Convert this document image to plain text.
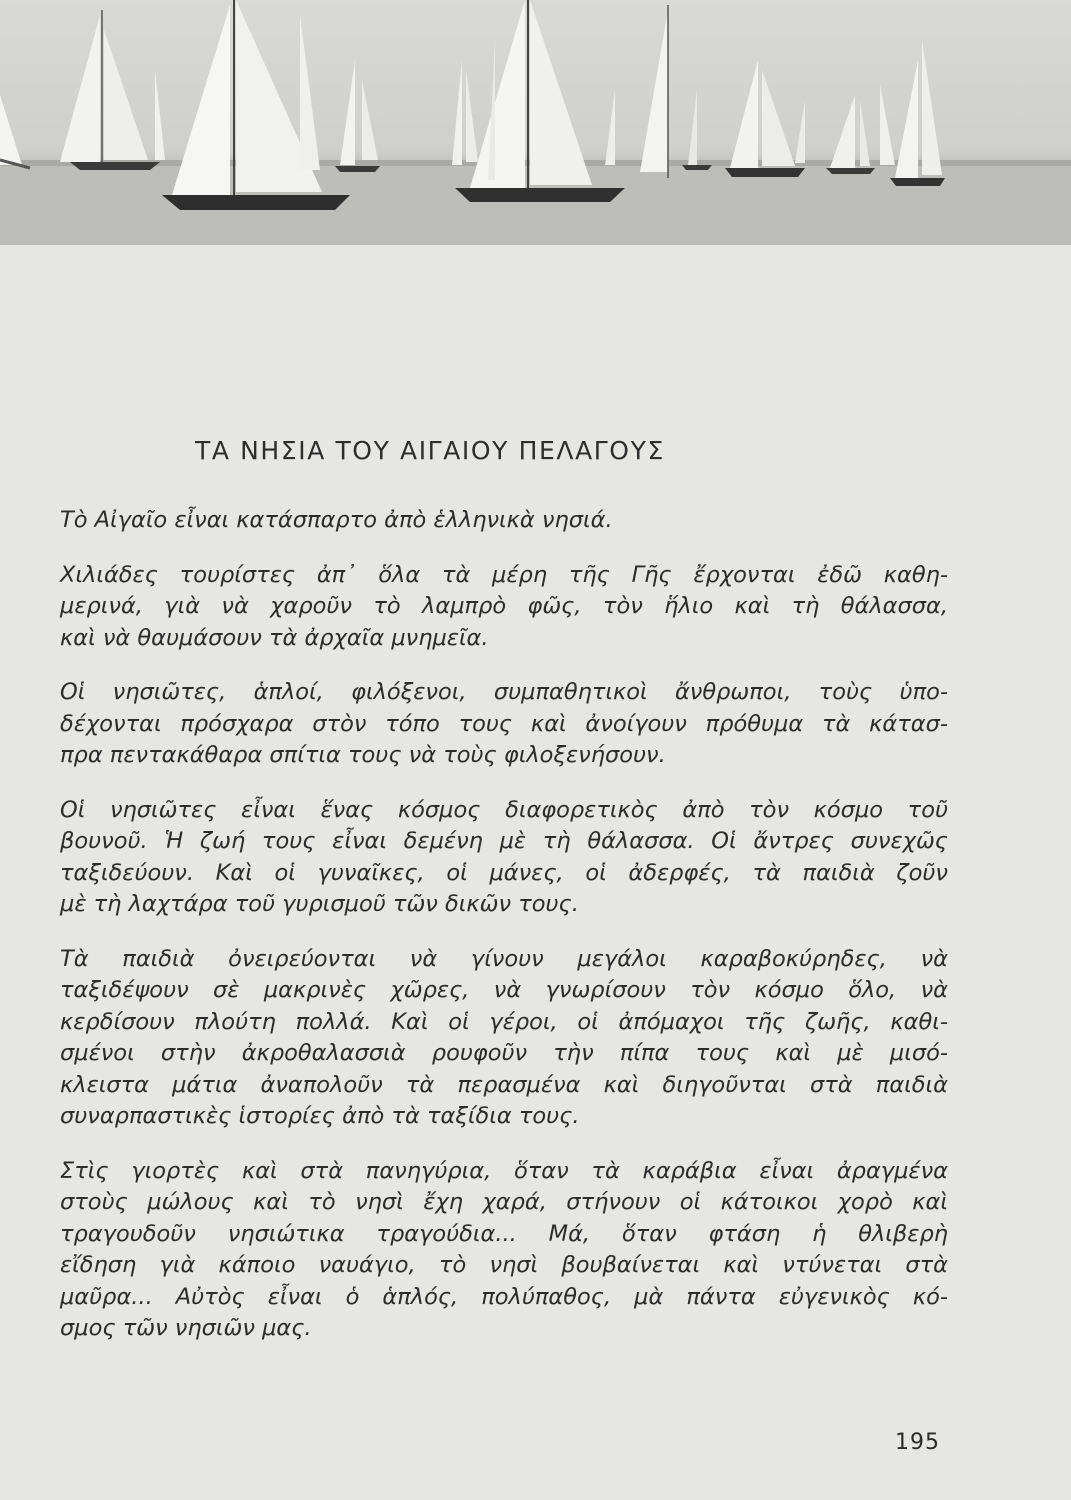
ΤΑ ΝΗΣΙΑ ΤΟΥ ΑΙΓΑΙΟΥ ΠΕΛΑΓΟΥΣ

Τὸ Αἰγαῖο εἶναι κατάσπαρτο ἀπὸ ἑλληνικὰ νησιά.

Χιλιάδες τουρίστες ἀπ᾿ ὅλα τὰ μέρη τῆς Γῆς ἔρχονται ἐδῶ καθη-
μερινά, γιὰ νὰ χαροῦν τὸ λαμπρὸ φῶς, τὸν ἥλιο καὶ τὴ θάλασσα,
καὶ νὰ θαυμάσουν τὰ ἀρχαῖα μνημεῖα.

Οἱ νησιῶτες, ἁπλοί, φιλόξενοι, συμπαθητικοὶ ἄνθρωποι, τοὺς ὑπο-
δέχονται πρόσχαρα στὸν τόπο τους καὶ ἀνοίγουν πρόθυμα τὰ κάτασ-
πρα πεντακάθαρα σπίτια τους νὰ τοὺς φιλοξενήσουν.

Οἱ νησιῶτες εἶναι ἕνας κόσμος διαφορετικὸς ἀπὸ τὸν κόσμο τοῦ
βουνοῦ. Ἡ ζωή τους εἶναι δεμένη μὲ τὴ θάλασσα. Οἱ ἄντρες συνεχῶς
ταξιδεύουν. Καὶ οἱ γυναῖκες, οἱ μάνες, οἱ ἀδερφές, τὰ παιδιὰ ζοῦν
μὲ τὴ λαχτάρα τοῦ γυρισμοῦ τῶν δικῶν τους.

Τὰ παιδιὰ ὀνειρεύονται νὰ γίνουν μεγάλοι καραβοκύρηδες, νὰ
ταξιδέψουν σὲ μακρινὲς χῶρες, νὰ γνωρίσουν τὸν κόσμο ὅλο, νὰ
κερδίσουν πλούτη πολλά. Καὶ οἱ γέροι, οἱ ἀπόμαχοι τῆς ζωῆς, καθι-
σμένοι στὴν ἀκροθαλασσιὰ ρουφοῦν τὴν πίπα τους καὶ μὲ μισό-
κλειστα μάτια ἀναπολοῦν τὰ περασμένα καὶ διηγοῦνται στὰ παιδιὰ
συναρπαστικὲς ἱστορίες ἀπὸ τὰ ταξίδια τους.

Στὶς γιορτὲς καὶ στὰ πανηγύρια, ὅταν τὰ καράβια εἶναι ἀραγμένα
στοὺς μώλους καὶ τὸ νησὶ ἔχη χαρά, στήνουν οἱ κάτοικοι χορὸ καὶ
τραγουδοῦν νησιώτικα τραγούδια... Μά, ὅταν φτάση ἡ θλιβερὴ
εἴδηση γιὰ κάποιο ναυάγιο, τὸ νησὶ βουβαίνεται καὶ ντύνεται στὰ
μαῦρα... Αὐτὸς εἶναι ὁ ἁπλός, πολύπαθος, μὰ πάντα εὐγενικὸς κό-
σμος τῶν νησιῶν μας.

195
